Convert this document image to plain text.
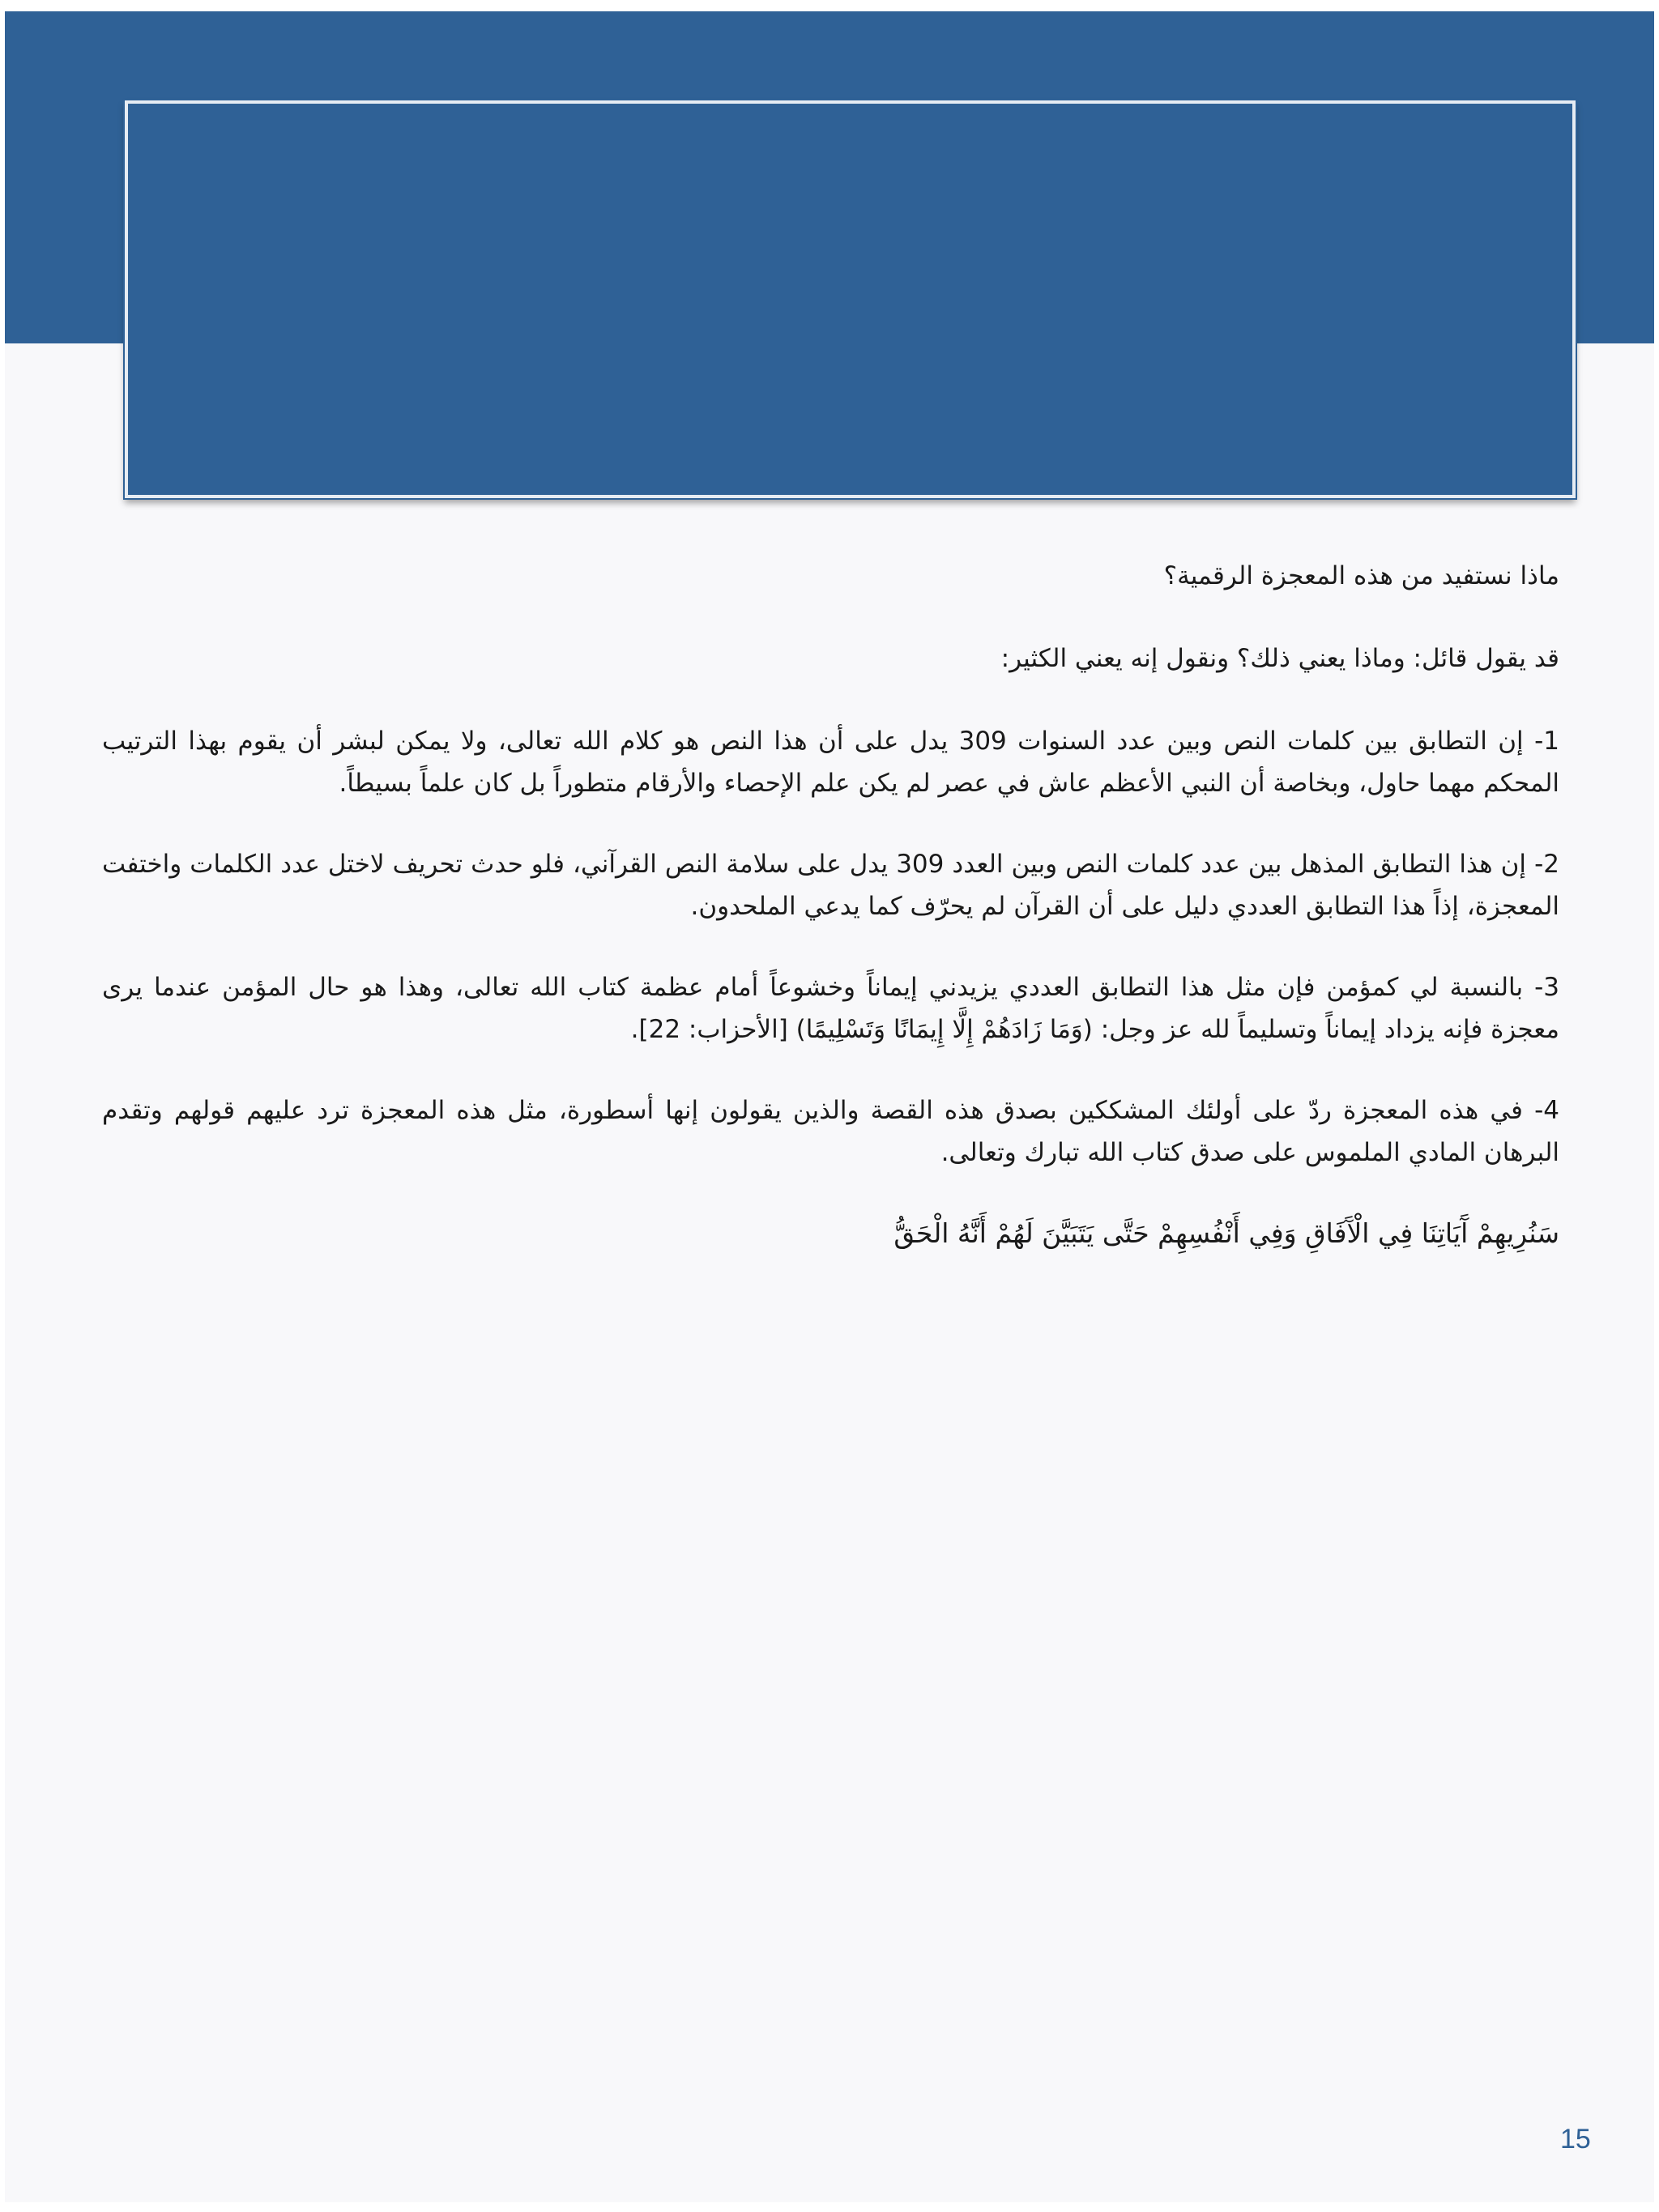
ماذا نستفيد من هذه المعجزة الرقمية؟

قد يقول قائل: وماذا يعني ذلك؟ ونقول إنه يعني الكثير:

1- إن التطابق بين كلمات النص وبين عدد السنوات 309 يدل على أن هذا النص هو كلام الله تعالى، ولا يمكن لبشر أن يقوم بهذا الترتيب المحكم مهما حاول، وبخاصة أن النبي الأعظم عاش في عصر لم يكن علم الإحصاء والأرقام متطوراً بل كان علماً بسيطاً.

2- إن هذا التطابق المذهل بين عدد كلمات النص وبين العدد 309 يدل على سلامة النص القرآني، فلو حدث تحريف لاختل عدد الكلمات واختفت المعجزة، إذاً هذا التطابق العددي دليل على أن القرآن لم يحرّف كما يدعي الملحدون.

3- بالنسبة لي كمؤمن فإن مثل هذا التطابق العددي يزيدني إيماناً وخشوعاً أمام عظمة كتاب الله تعالى، وهذا هو حال المؤمن عندما يرى معجزة فإنه يزداد إيماناً وتسليماً لله عز وجل: (وَمَا زَادَهُمْ إِلَّا إِيمَانًا وَتَسْلِيمًا) [الأحزاب: 22].

4- في هذه المعجزة ردّ على أولئك المشككين بصدق هذه القصة والذين يقولون إنها أسطورة، مثل هذه المعجزة ترد عليهم قولهم وتقدم البرهان المادي الملموس على صدق كتاب الله تبارك وتعالى.

سَنُرِيهِمْ آَيَاتِنَا فِي الْآَفَاقِ وَفِي أَنْفُسِهِمْ حَتَّى يَتَبَيَّنَ لَهُمْ أَنَّهُ الْحَقُّ

15
